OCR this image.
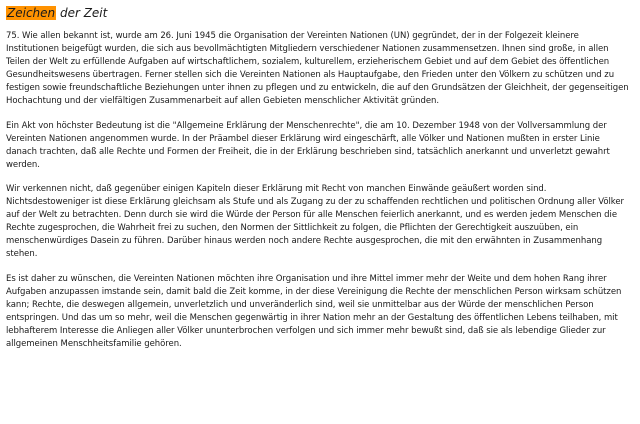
Zeichen der Zeit

75. Wie allen bekannt ist, wurde am 26. Juni 1945 die Organisation der Vereinten Nationen (UN) gegründet, der in der Folgezeit kleinere Institutionen beigefügt wurden, die sich aus bevollmächtigten Mitgliedern verschiedener Nationen zusammensetzen. Ihnen sind große, in allen Teilen der Welt zu erfüllende Aufgaben auf wirtschaftlichem, sozialem, kulturellem, erzieherischem Gebiet und auf dem Gebiet des öffentlichen Gesundheitswesens übertragen. Ferner stellen sich die Vereinten Nationen als Hauptaufgabe, den Frieden unter den Völkern zu schützen und zu festigen sowie freundschaftliche Beziehungen unter ihnen zu pflegen und zu entwickeln, die auf den Grundsätzen der Gleichheit, der gegenseitigen Hochachtung und der vielfältigen Zusammenarbeit auf allen Gebieten menschlicher Aktivität gründen.

Ein Akt von höchster Bedeutung ist die "Allgemeine Erklärung der Menschenrechte", die am 10. Dezember 1948 von der Vollversammlung der Vereinten Nationen angenommen wurde. In der Präambel dieser Erklärung wird eingeschärft, alle Völker und Nationen mußten in erster Linie danach trachten, daß alle Rechte und Formen der Freiheit, die in der Erklärung beschrieben sind, tatsächlich anerkannt und unverletzt gewahrt werden.

Wir verkennen nicht, daß gegenüber einigen Kapiteln dieser Erklärung mit Recht von manchen Einwände geäußert worden sind. Nichtsdestoweniger ist diese Erklärung gleichsam als Stufe und als Zugang zu der zu schaffenden rechtlichen und politischen Ordnung aller Völker auf der Welt zu betrachten. Denn durch sie wird die Würde der Person für alle Menschen feierlich anerkannt, und es werden jedem Menschen die Rechte zugesprochen, die Wahrheit frei zu suchen, den Normen der Sittlichkeit zu folgen, die Pflichten der Gerechtigkeit auszuüben, ein menschenwürdiges Dasein zu führen. Darüber hinaus werden noch andere Rechte ausgesprochen, die mit den erwähnten in Zusammenhang stehen.

Es ist daher zu wünschen, die Vereinten Nationen möchten ihre Organisation und ihre Mittel immer mehr der Weite und dem hohen Rang ihrer Aufgaben anzupassen imstande sein, damit bald die Zeit komme, in der diese Vereinigung die Rechte der menschlichen Person wirksam schützen kann; Rechte, die deswegen allgemein, unverletzlich und unveränderlich sind, weil sie unmittelbar aus der Würde der menschlichen Person entspringen. Und das um so mehr, weil die Menschen gegenwärtig in ihrer Nation mehr an der Gestaltung des öffentlichen Lebens teilhaben, mit lebhafterem Interesse die Anliegen aller Völker ununterbrochen verfolgen und sich immer mehr bewußt sind, daß sie als lebendige Glieder zur allgemeinen Menschheitsfamilie gehören.
